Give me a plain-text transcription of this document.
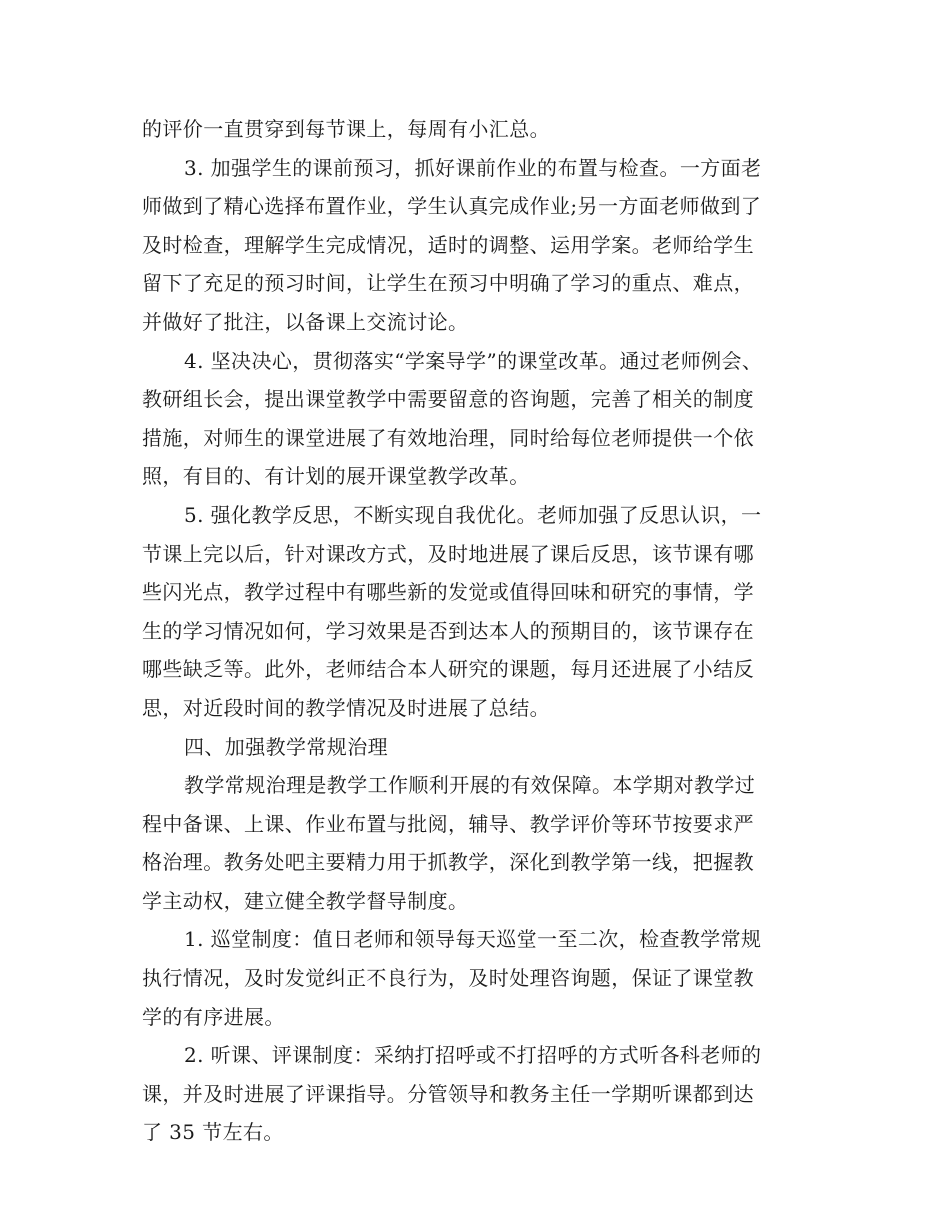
的评价一直贯穿到每节课上，每周有小汇总。
3. 加强学生的课前预习，抓好课前作业的布置与检查。一方面老
师做到了精心选择布置作业，学生认真完成作业;另一方面老师做到了
及时检查，理解学生完成情况，适时的调整、运用学案。老师给学生
留下了充足的预习时间，让学生在预习中明确了学习的重点、难点，
并做好了批注，以备课上交流讨论。
4. 坚决决心，贯彻落实“学案导学”的课堂改革。通过老师例会、
教研组长会，提出课堂教学中需要留意的咨询题，完善了相关的制度
措施，对师生的课堂进展了有效地治理，同时给每位老师提供一个依
照，有目的、有计划的展开课堂教学改革。
5. 强化教学反思，不断实现自我优化。老师加强了反思认识，一
节课上完以后，针对课改方式，及时地进展了课后反思，该节课有哪
些闪光点，教学过程中有哪些新的发觉或值得回味和研究的事情，学
生的学习情况如何，学习效果是否到达本人的预期目的，该节课存在
哪些缺乏等。此外，老师结合本人研究的课题，每月还进展了小结反
思，对近段时间的教学情况及时进展了总结。
四、加强教学常规治理
教学常规治理是教学工作顺利开展的有效保障。本学期对教学过
程中备课、上课、作业布置与批阅，辅导、教学评价等环节按要求严
格治理。教务处吧主要精力用于抓教学，深化到教学第一线，把握教
学主动权，建立健全教学督导制度。
1. 巡堂制度：值日老师和领导每天巡堂一至二次，检查教学常规
执行情况，及时发觉纠正不良行为，及时处理咨询题，保证了课堂教
学的有序进展。
2. 听课、评课制度：采纳打招呼或不打招呼的方式听各科老师的
课，并及时进展了评课指导。分管领导和教务主任一学期听课都到达
了 35 节左右。
